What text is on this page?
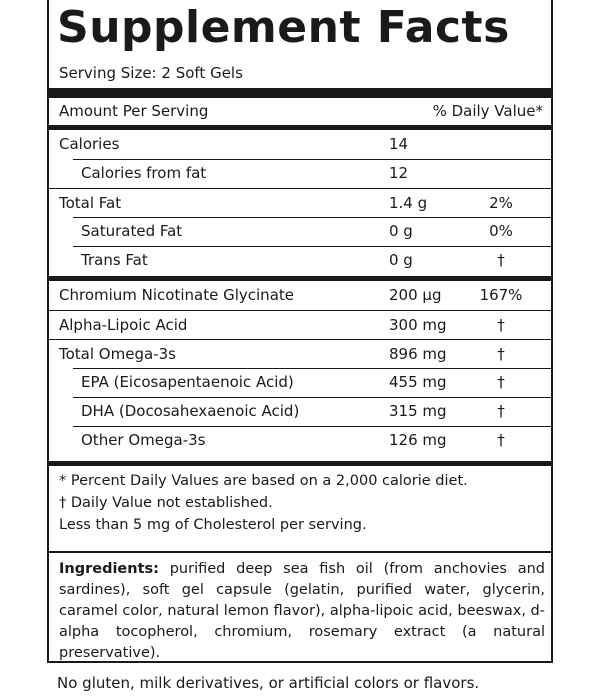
Supplement Facts
Serving Size: 2 Soft Gels
Amount Per Serving	% Daily Value*
Calories	14
Calories from fat	12
Total Fat	1.4 g	2%
Saturated Fat	0 g	0%
Trans Fat	0 g	†
Chromium Nicotinate Glycinate	200 μg	167%
Alpha-Lipoic Acid	300 mg	†
Total Omega-3s	896 mg	†
EPA (Eicosapentaenoic Acid)	455 mg	†
DHA (Docosahexaenoic Acid)	315 mg	†
Other Omega-3s	126 mg	†
* Percent Daily Values are based on a 2,000 calorie diet.
† Daily Value not established.
Less than 5 mg of Cholesterol per serving.

Ingredients: purified deep sea fish oil (from anchovies and sardines), soft gel capsule (gelatin, purified water, glycerin, caramel color, natural lemon flavor), alpha-lipoic acid, beeswax, d-alpha tocopherol, chromium, rosemary extract (a natural preservative).

No gluten, milk derivatives, or artificial colors or flavors.
